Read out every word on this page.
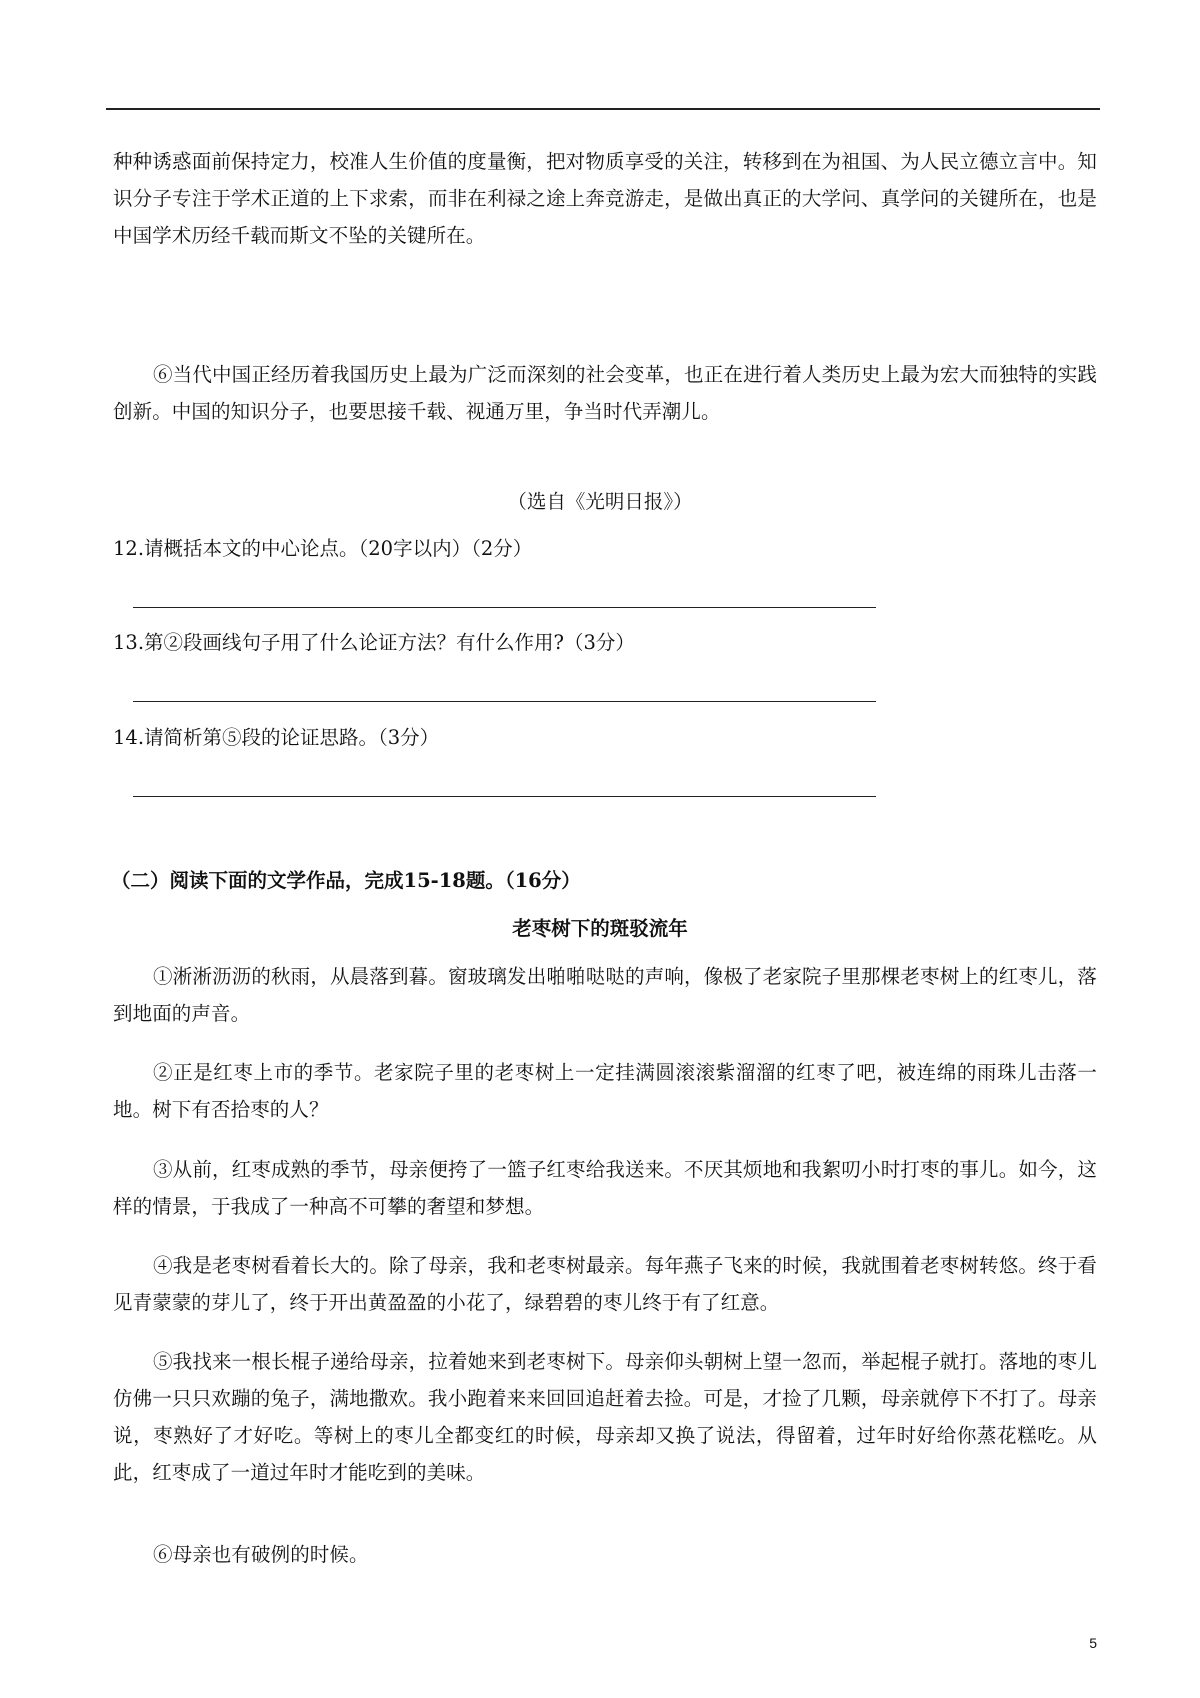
种种诱惑面前保持定力，校准人生价值的度量衡，把对物质享受的关注，转移到在为祖国、为人民立德立言中。知识分子专注于学术正道的上下求索，而非在利禄之途上奔竞游走，是做出真正的大学问、真学问的关键所在，也是中国学术历经千载而斯文不坠的关键所在。

⑥当代中国正经历着我国历史上最为广泛而深刻的社会变革，也正在进行着人类历史上最为宏大而独特的实践创新。中国的知识分子，也要思接千载、视通万里，争当时代弄潮儿。

（选自《光明日报》）
12.请概括本文的中心论点。（20字以内）（2分）
13.第②段画线句子用了什么论证方法？有什么作用?（3分）
14.请简析第⑤段的论证思路。（3分）
（二）阅读下面的文学作品，完成15-18题。（16分）
老枣树下的斑驳流年

①淅淅沥沥的秋雨，从晨落到暮。窗玻璃发出啪啪哒哒的声响，像极了老家院子里那棵老枣树上的红枣儿，落到地面的声音。

②正是红枣上市的季节。老家院子里的老枣树上一定挂满圆滚滚紫溜溜的红枣了吧，被连绵的雨珠儿击落一地。树下有否拾枣的人？

③从前，红枣成熟的季节，母亲便挎了一篮子红枣给我送来。不厌其烦地和我絮叨小时打枣的事儿。如今，这样的情景，于我成了一种高不可攀的奢望和梦想。

④我是老枣树看着长大的。除了母亲，我和老枣树最亲。每年燕子飞来的时候，我就围着老枣树转悠。终于看见青蒙蒙的芽儿了，终于开出黄盈盈的小花了，绿碧碧的枣儿终于有了红意。

⑤我找来一根长棍子递给母亲，拉着她来到老枣树下。母亲仰头朝树上望一忽而，举起棍子就打。落地的枣儿仿佛一只只欢蹦的兔子，满地撒欢。我小跑着来来回回追赶着去捡。可是，才捡了几颗，母亲就停下不打了。母亲说，枣熟好了才好吃。等树上的枣儿全都变红的时候，母亲却又换了说法，得留着，过年时好给你蒸花糕吃。从此，红枣成了一道过年时才能吃到的美味。

⑥母亲也有破例的时候。

5
